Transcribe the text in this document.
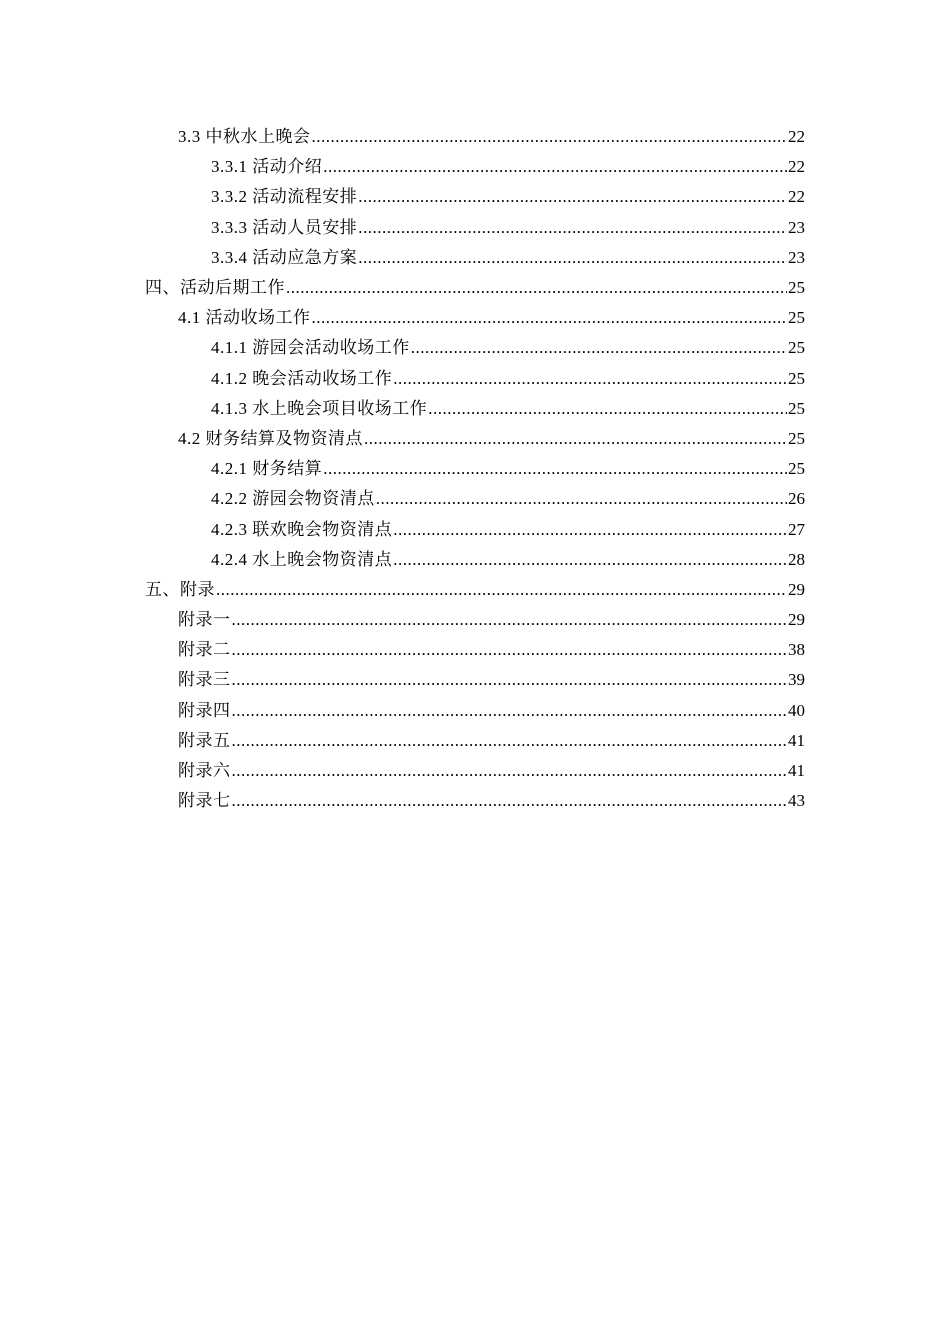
3.3 中秋水上晚会 .....	22
3.3.1 活动介绍 .....	22
3.3.2 活动流程安排 .....	22
3.3.3 活动人员安排 .....	23
3.3.4 活动应急方案 .....	23
四、活动后期工作 .....	25
4.1 活动收场工作 .....	25
4.1.1 游园会活动收场工作 .....	25
4.1.2 晚会活动收场工作 .....	25
4.1.3 水上晚会项目收场工作 .....	25
4.2 财务结算及物资清点 .....	25
4.2.1 财务结算 .....	25
4.2.2 游园会物资清点 .....	26
4.2.3 联欢晚会物资清点 .....	27
4.2.4 水上晚会物资清点 .....	28
五、附录 .....	29
附录一 .....	29
附录二 .....	38
附录三 .....	39
附录四 .....	40
附录五 .....	41
附录六 .....	41
附录七 .....	43
